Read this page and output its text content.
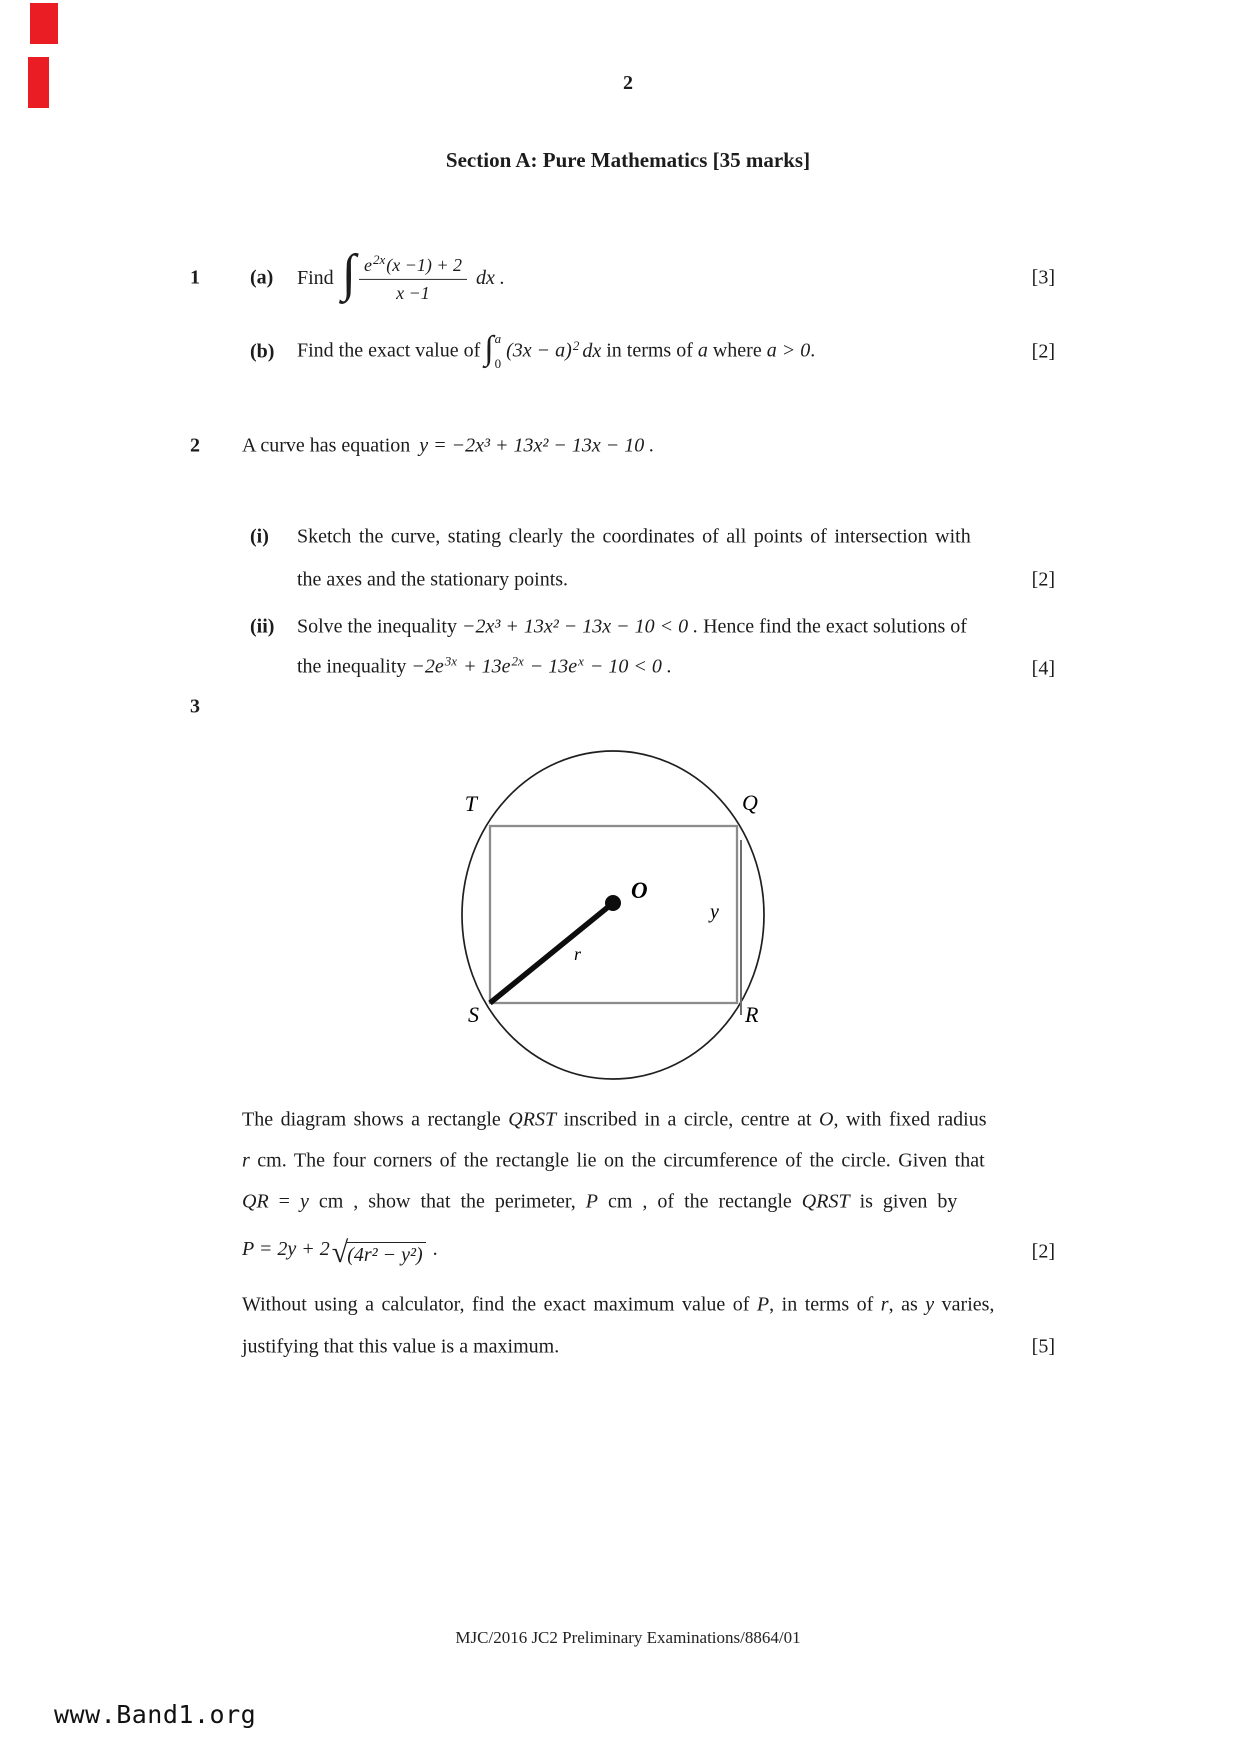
2
Section A: Pure Mathematics [35 marks]
1	(a) Find ∫ $\frac{e^{2x}(x -1) + 2}{x -1}$ dx .	[3]
(b) Find the exact value of ∫ a
0
$(3x - a)^2$ dx in terms of a where a > 0.	[2]
2 A curve has equation y = −2x³ + 13x² − 13x − 10 .
(i) Sketch the curve, stating clearly the coordinates of all points of intersection with
the axes and the stationary points.	[2]
(ii) Solve the inequality −2x³ + 13x² − 13x − 10 < 0 . Hence find the exact solutions of
the inequality $-2e^{3x} + 13e^{2x} - 13e^x - 10 < 0$ .	[4]
3
T	Q
S	R
O
r
y
The diagram shows a rectangle QRST inscribed in a circle, centre at O, with fixed radius
r cm. The four corners of the rectangle lie on the circumference of the circle. Given that
QR = y cm , show that the perimeter, P cm , of the rectangle QRST is given by
P = 2y + 2 √ (4r² − y²) .	[2]
Without using a calculator, find the exact maximum value of P, in terms of r, as y varies,
justifying that this value is a maximum.	[5]
MJC/2016 JC2 Preliminary Examinations/8864/01
www.Band1.org
